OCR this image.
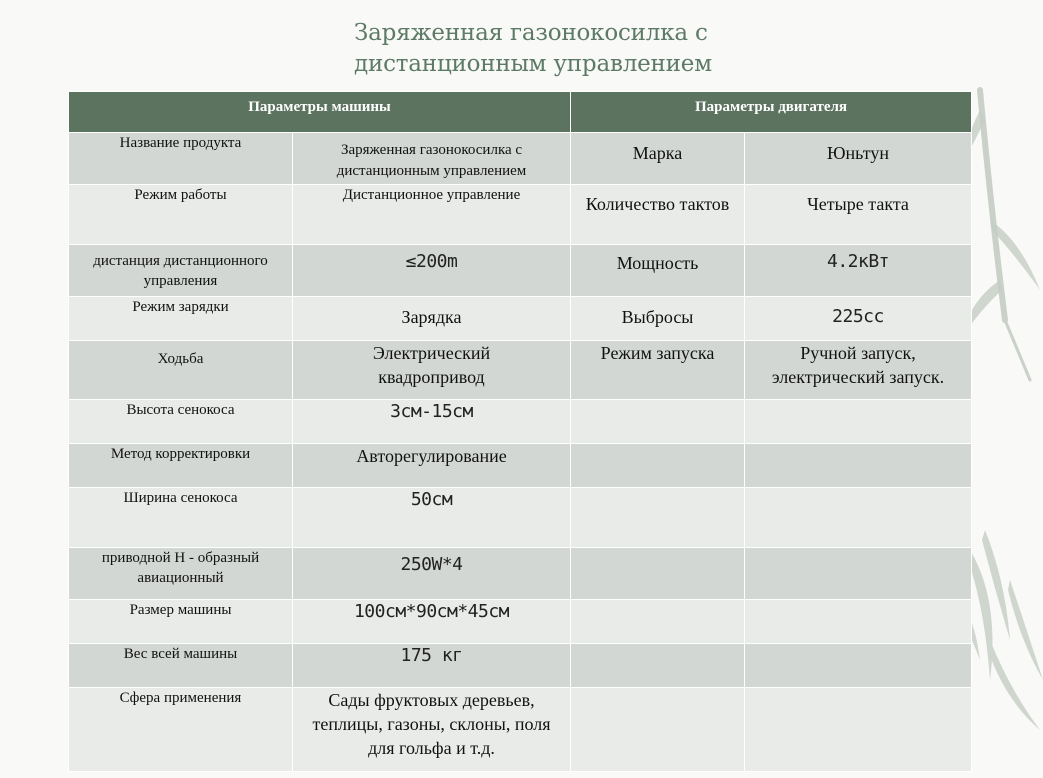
Заряженная газонокосилка с
дистанционным управлением
Параметры машины		Параметры двигателя	
Название продукта	Заряженная газонокосилка с дистанционным управлением	Марка	Юньтун
Режим работы	Дистанционное управление	Количество тактов	Четыре такта
дистанция дистанционного управления	≤200m	Мощность	4.2кВт
Режим зарядки	Зарядка	Выбросы	225cc
Ходьба	Электрический квадропривод	Режим запуска	Ручной запуск, электрический запуск.
Высота сенокоса	3см-15см		
Метод корректировки	Авторегулирование		
Ширина сенокоса	50см		
приводной H - образный авиационный	250W*4		
Размер машины	100см*90см*45см		
Вес всей машины	175 кг		
Сфера применения	Сады фруктовых деревьев, теплицы, газоны, склоны, поля для гольфа и т.д.		
